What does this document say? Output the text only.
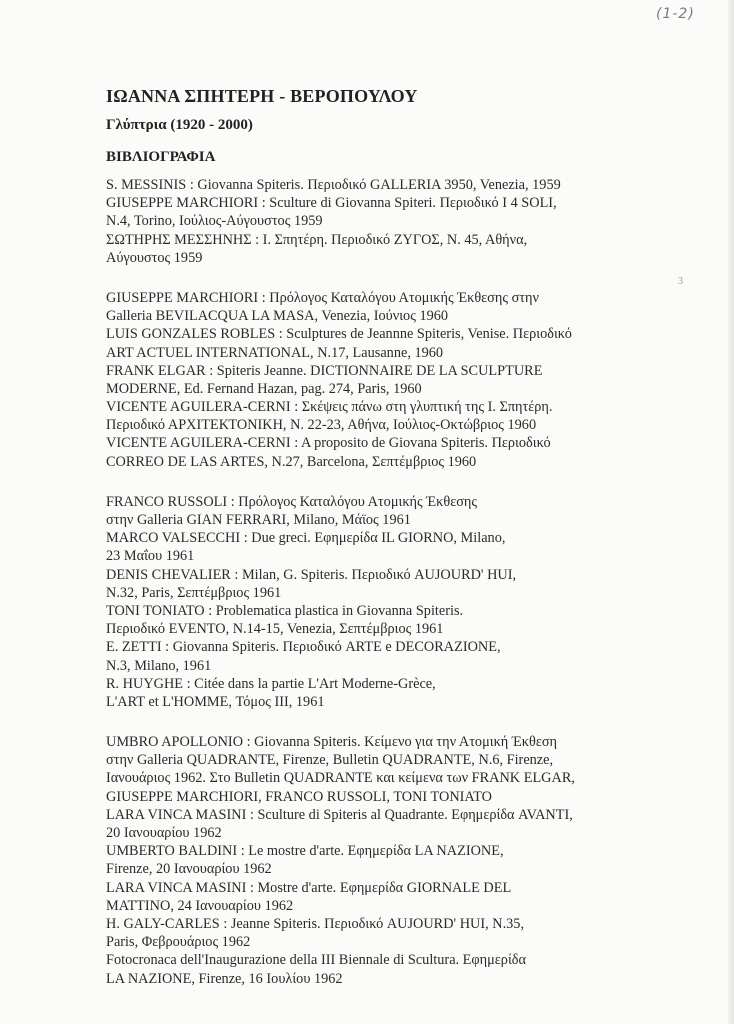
(1-2)
3
ΙΩΑΝΝΑ ΣΠΗΤΕΡΗ - ΒΕΡΟΠΟΥΛΟΥ
Γλύπτρια (1920 - 2000)
ΒΙΒΛΙΟΓΡΑΦΙΑ
S. MESSINIS : Giovanna Spiteris. Περιοδικό GALLERIA 3950, Venezia, 1959
GIUSEPPE MARCHIORI : Sculture di Giovanna Spiteri. Περιοδικό I 4 SOLI,
N.4, Torino, Ιούλιος-Αύγουστος 1959
ΣΩΤΗΡΗΣ ΜΕΣΣΗΝΗΣ : Ι. Σπητέρη. Περιοδικό ΖΥΓΟΣ, Ν. 45, Αθήνα,
Αύγουστος 1959
GIUSEPPE MARCHIORI : Πρόλογος Καταλόγου Ατομικής Έκθεσης στην
Galleria BEVILACQUA LA MASA, Venezia, Ιούνιος 1960
LUIS GONZALES ROBLES : Sculptures de Jeannne Spiteris, Venise. Περιοδικό
ART ACTUEL INTERNATIONAL, N.17, Lausanne, 1960
FRANK ELGAR : Spiteris Jeanne. DICTIONNAIRE DE LA SCULPTURE
MODERNE, Ed. Fernand Hazan, pag. 274, Paris, 1960
VICENTE AGUILERA-CERNI : Σκέψεις πάνω στη γλυπτική της Ι. Σπητέρη.
Περιοδικό ΑΡΧΙΤΕΚΤΟΝΙΚΗ, Ν. 22-23, Αθήνα, Ιούλιος-Οκτώβριος 1960
VICENTE AGUILERA-CERNI : A proposito de Giovana Spiteris. Περιοδικό
CORREO DE LAS ARTES, N.27, Barcelona, Σεπτέμβριος 1960
FRANCO RUSSOLI : Πρόλογος Καταλόγου Ατομικής Έκθεσης
στην Galleria GIAN FERRARI, Milano, Μάϊος 1961
MARCO VALSECCHI : Due greci. Εφημερίδα IL GIORNO, Milano,
23 Μαΐου 1961
DENIS CHEVALIER : Milan, G. Spiteris. Περιοδικό AUJOURD' HUI,
N.32, Paris, Σεπτέμβριος 1961
TONI TONIATO : Problematica plastica in Giovanna Spiteris.
Περιοδικό EVENTO, N.14-15, Venezia, Σεπτέμβριος 1961
E. ZETTI : Giovanna Spiteris. Περιοδικό ARTE e DECORAZIONE,
N.3, Milano, 1961
R. HUYGHE : Citée dans la partie L'Art Moderne-Grèce,
L'ART et L'HOMME, Τόμος III, 1961
UMBRO APOLLONIO : Giovanna Spiteris. Κείμενο για την Ατομική Έκθεση
στην Galleria QUADRANTE, Firenze, Bulletin QUADRANTE, N.6, Firenze,
Ιανουάριος 1962. Στο Bulletin QUADRANTE και κείμενα των FRANK ELGAR,
GIUSEPPE MARCHIORI, FRANCO RUSSOLI, TONI TONIATO
LARA VINCA MASINI : Sculture di Spiteris al Quadrante. Εφημερίδα AVANTI,
20 Ιανουαρίου 1962
UMBERTO BALDINI : Le mostre d'arte. Εφημερίδα LA NAZIONE,
Firenze, 20 Ιανουαρίου 1962
LARA VINCA MASINI : Mostre d'arte. Εφημερίδα GIORNALE DEL
MATTINO, 24 Ιανουαρίου 1962
H. GALY-CARLES : Jeanne Spiteris. Περιοδικό AUJOURD' HUI, N.35,
Paris, Φεβρουάριος 1962
Fotocronaca dell'Inaugurazione della III Biennale di Scultura. Εφημερίδα
LA NAZIONE, Firenze, 16 Ιουλίου 1962
